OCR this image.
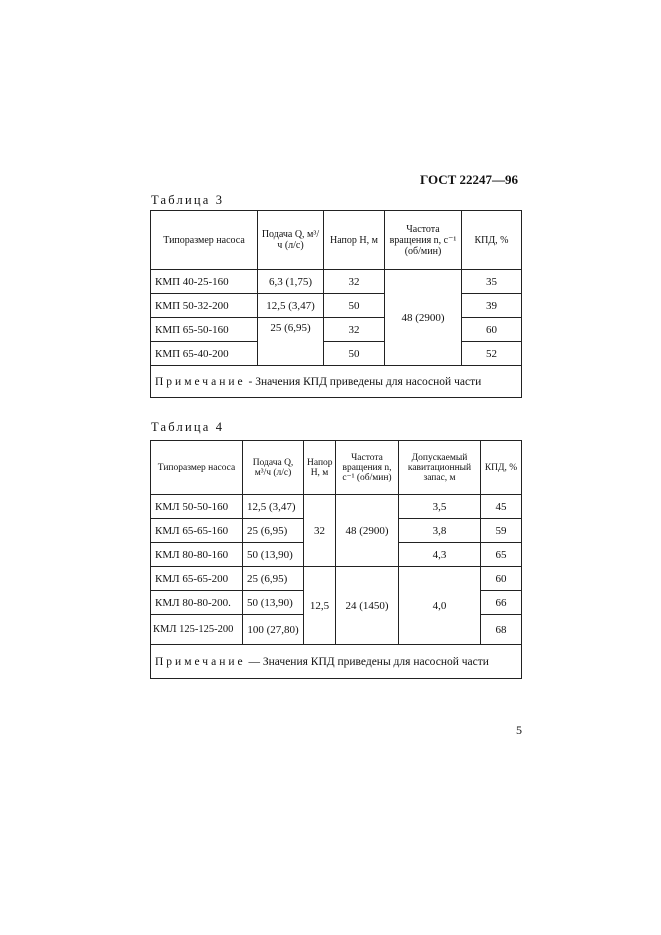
ГОСТ 22247—96
Таблица 3
Типоразмер насоса	Подача Q, м³/ч (л/с)	Напор H, м	Частота вращения n, с⁻¹ (об/мин)	КПД, %
КМП 40-25-160	6,3 (1,75)	32	48 (2900)	35
КМП 50-32-200	12,5 (3,47)	50		39
КМП 65-50-160	25 (6,95)	32		60
КМП 65-40-200		50		52
Примечание - Значения КПД приведены для насосной части				
Таблица 4
Типоразмер насоса	Подача Q, м³/ч (л/с)	Напор H, м	Частота вращения n, с⁻¹ (об/мин)	Допускаемый кавитационный запас, м	КПД, %
КМЛ 50-50-160	12,5 (3,47)	32	48 (2900)	3,5	45
КМЛ 65-65-160	25 (6,95)			3,8	59
КМЛ 80-80-160	50 (13,90)			4,3	65
КМЛ 65-65-200	25 (6,95)	12,5	24 (1450)	4,0	60
КМЛ 80-80-200.	50 (13,90)				66
КМЛ 125-125-200	100 (27,80)				68
Примечание — Значения КПД приведены для насосной части					
5
